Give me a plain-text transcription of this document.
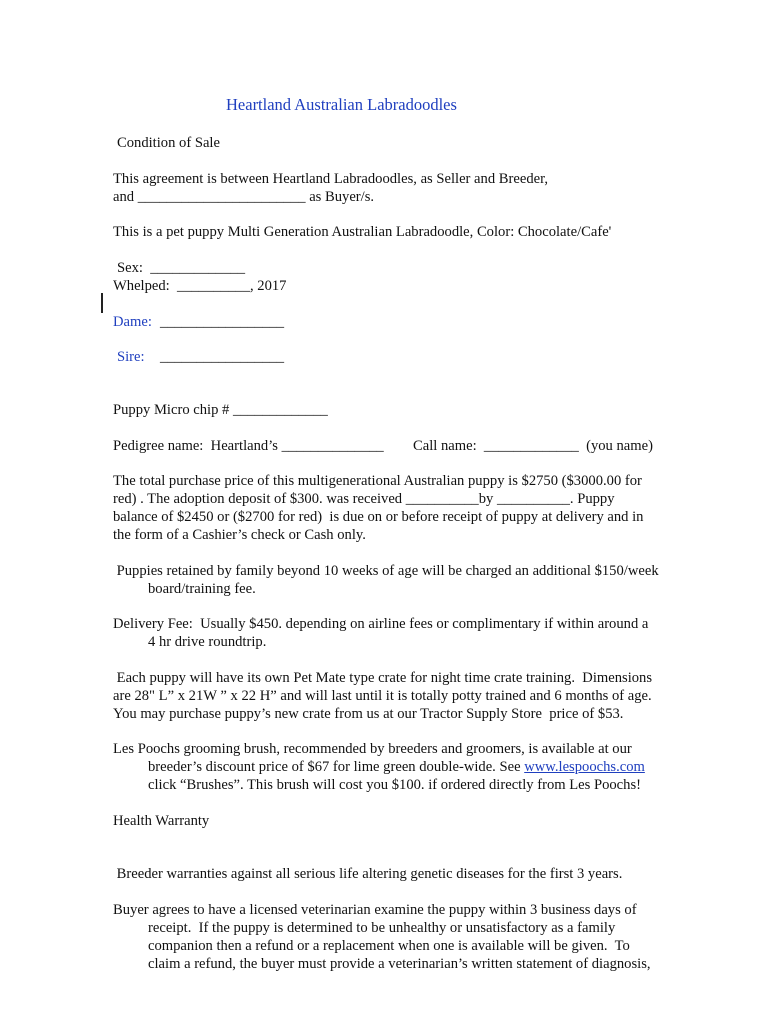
Heartland Australian Labradoodles
Condition of Sale
This agreement is between Heartland Labradoodles, as Seller and Breeder,
and _______________________ as Buyer/s.
This is a pet puppy Multi Generation Australian Labradoodle, Color: Chocolate/Cafe'
Sex:  _____________
Whelped:  __________, 2017
Dame: _________________
Sire: _________________
Puppy Micro chip # _____________
Pedigree name:  Heartland’s ______________ Call name:  _____________  (you name)
The total purchase price of this multigenerational Australian puppy is $2750 ($3000.00 for
red) . The adoption deposit of $300. was received __________by __________. Puppy
balance of $2450 or ($2700 for red)  is due on or before receipt of puppy at delivery and in
the form of a Cashier’s check or Cash only.
Puppies retained by family beyond 10 weeks of age will be charged an additional $150/week
board/training fee.
Delivery Fee:  Usually $450. depending on airline fees or complimentary if within around a
4 hr drive roundtrip.
Each puppy will have its own Pet Mate type crate for night time crate training.  Dimensions
are 28" L” x 21W ” x 22 H” and will last until it is totally potty trained and 6 months of age.
You may purchase puppy’s new crate from us at our Tractor Supply Store  price of $53.
Les Poochs grooming brush, recommended by breeders and groomers, is available at our
breeder’s discount price of $67 for lime green double-wide. See www.lespoochs.com
click “Brushes”. This brush will cost you $100. if ordered directly from Les Poochs!
Health Warranty
Breeder warranties against all serious life altering genetic diseases for the first 3 years.
Buyer agrees to have a licensed veterinarian examine the puppy within 3 business days of
receipt.  If the puppy is determined to be unhealthy or unsatisfactory as a family
companion then a refund or a replacement when one is available will be given.  To
claim a refund, the buyer must provide a veterinarian’s written statement of diagnosis,
